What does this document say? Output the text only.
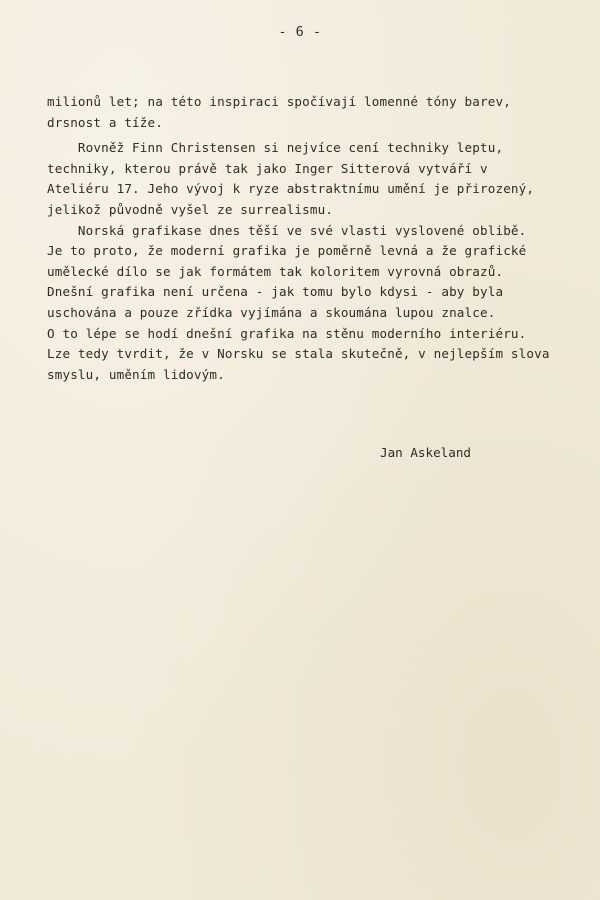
- 6 -
milionů let; na této inspiraci spočívají lomenné tóny barev,
drsnost a tíže.
Rovněž Finn Christensen si nejvíce cení techniky leptu,
techniky, kterou právě tak jako Inger Sitterová vytváří v
Ateliéru 17. Jeho vývoj k ryze abstraktnímu umění je přirozený,
jelikož původně vyšel ze surrealismu.
Norská grafikase dnes těší ve své vlasti vyslovené oblibě.
Je to proto, že moderní grafika je poměrně levná a že grafické
umělecké dílo se jak formátem tak koloritem vyrovná obrazů.
Dnešní grafika není určena - jak tomu bylo kdysi - aby byla
uschována a pouze zřídka vyjímána a skoumána lupou znalce.
O to lépe se hodí dnešní grafika na stěnu moderního interiéru.
Lze tedy tvrdit, že v Norsku se stala skutečně, v nejlepším slova
smyslu, uměním lidovým.
Jan Askeland
